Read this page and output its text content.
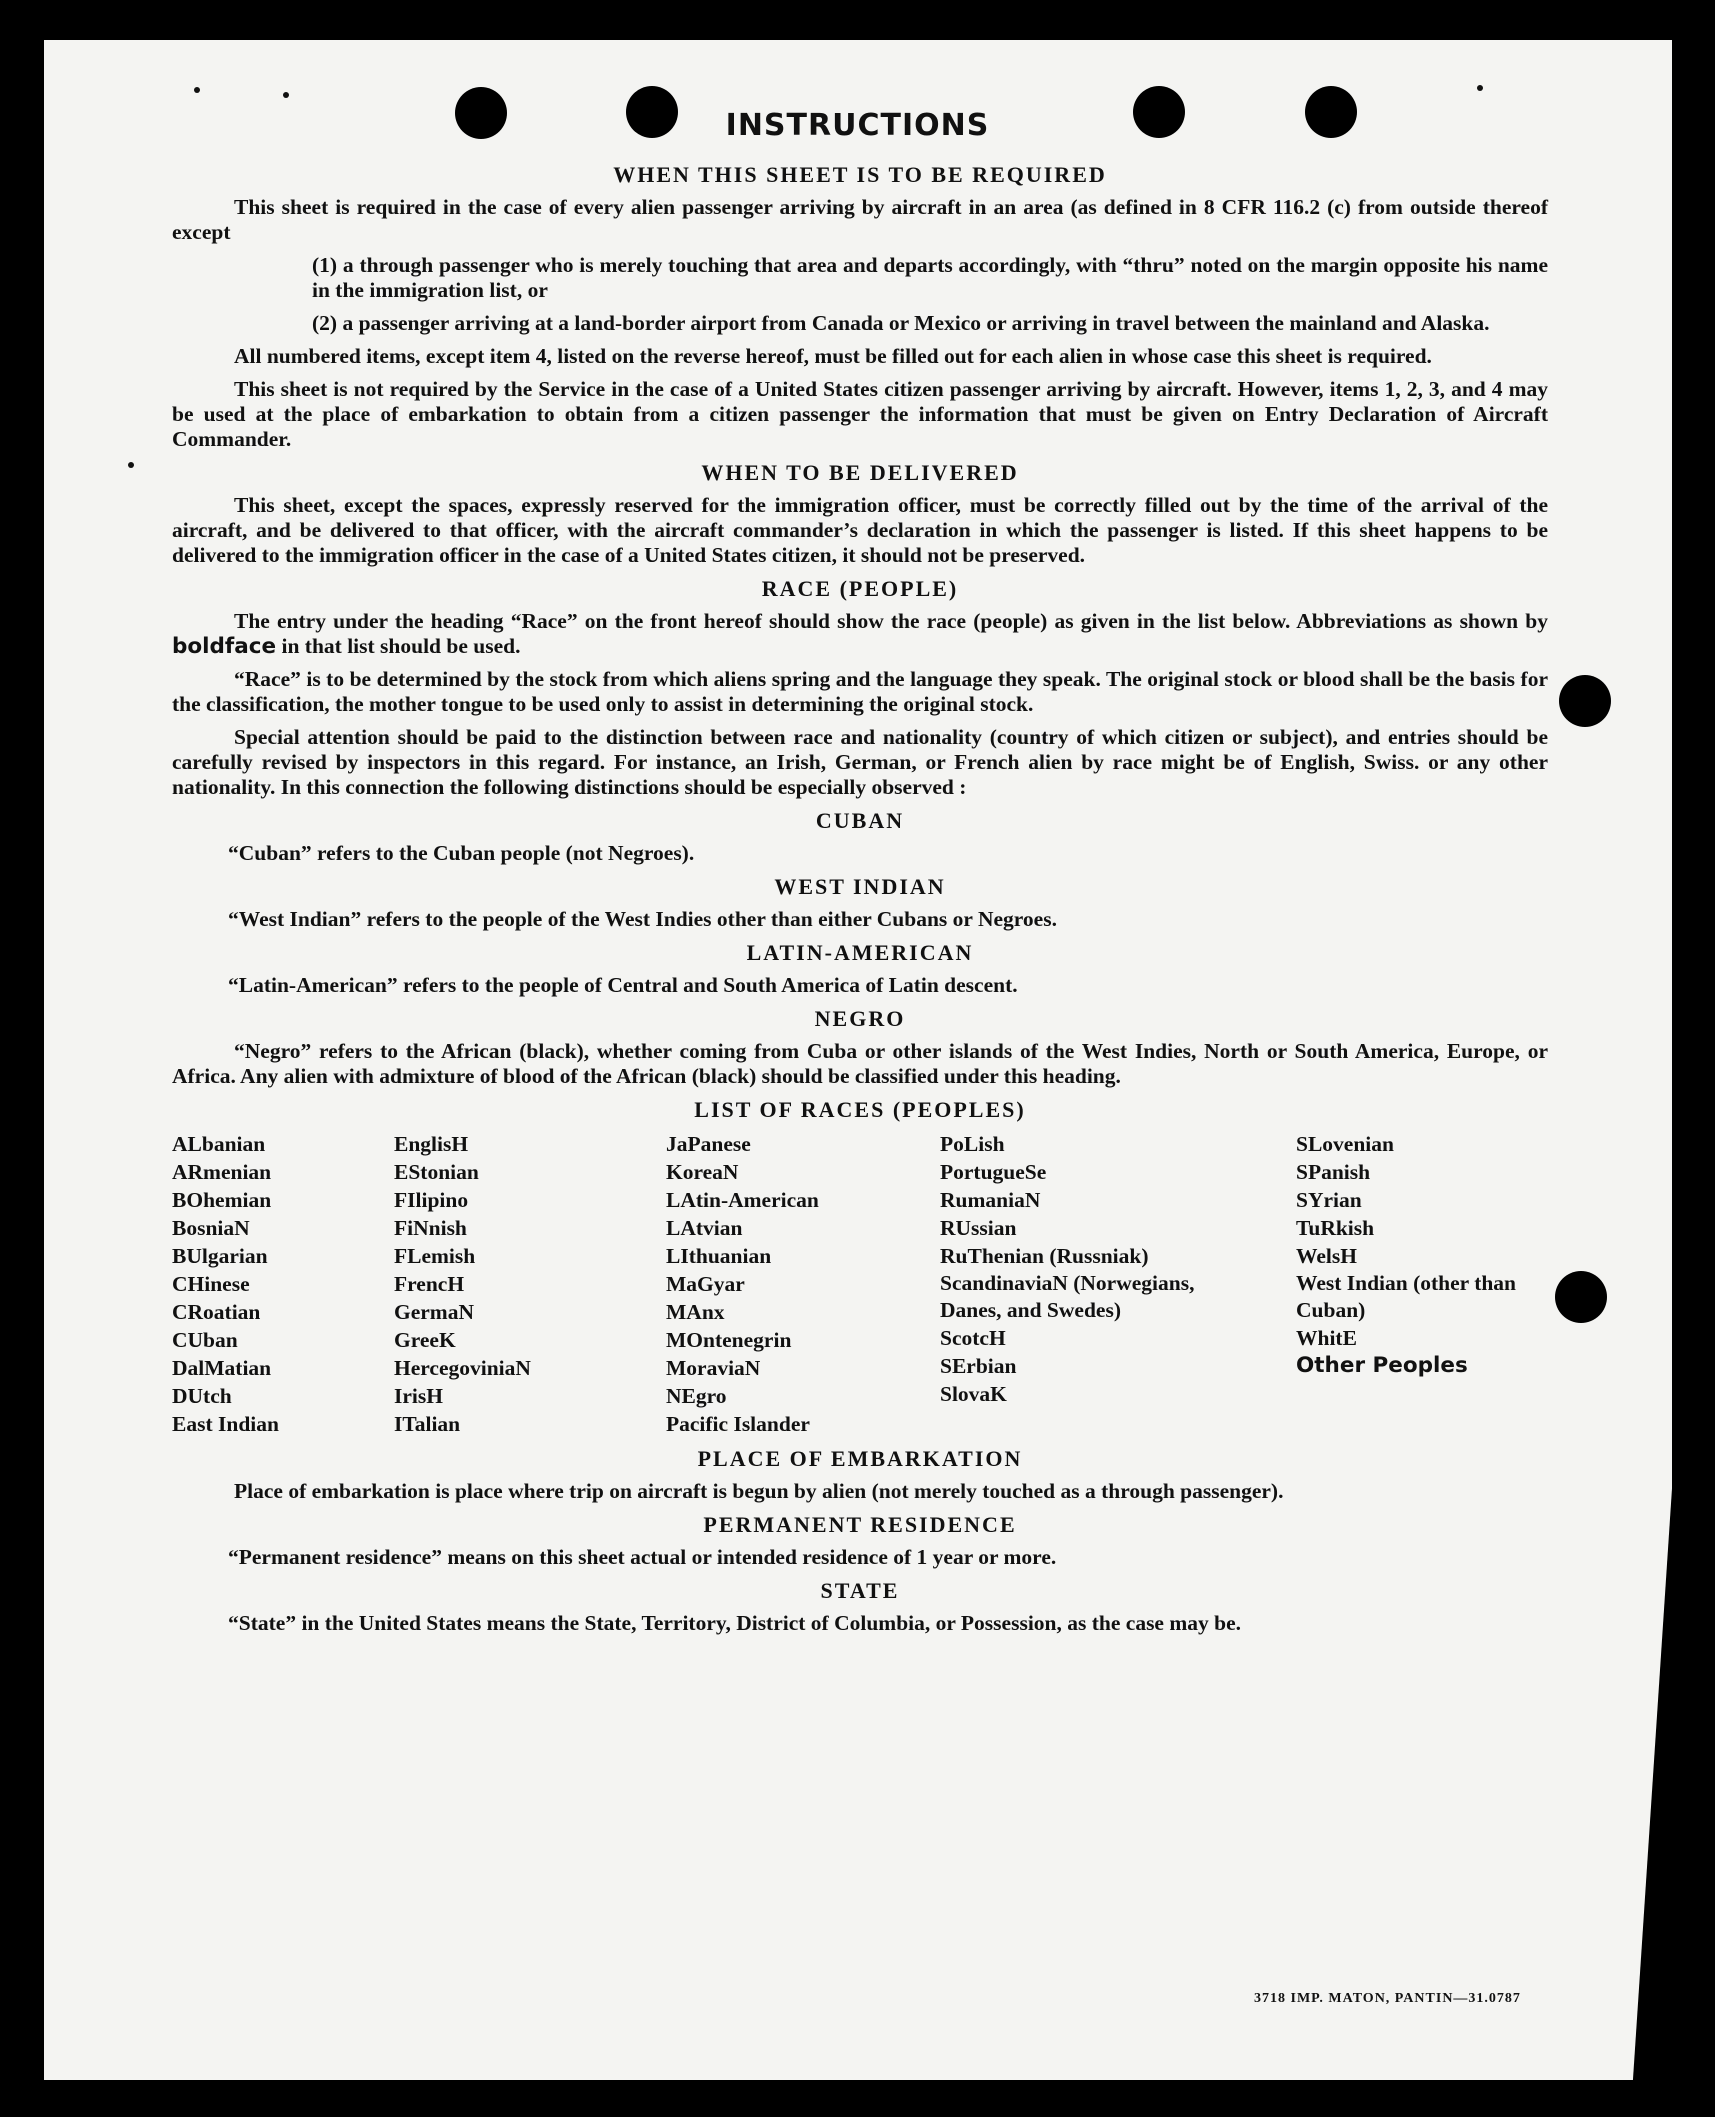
INSTRUCTIONS
WHEN THIS SHEET IS TO BE REQUIRED

This sheet is required in the case of every alien passenger arriving by aircraft in an area (as defined in 8 CFR 116.2 (c) from outside thereof except

(1) a through passenger who is merely touching that area and departs accordingly, with “thru” noted on the margin opposite his name in the immigration list, or

(2) a passenger arriving at a land-border airport from Canada or Mexico or arriving in travel between the mainland and Alaska.

All numbered items, except item 4, listed on the reverse hereof, must be filled out for each alien in whose case this sheet is required.

This sheet is not required by the Service in the case of a United States citizen passenger arriving by aircraft. However, items 1, 2, 3, and 4 may be used at the place of embarkation to obtain from a citizen passenger the information that must be given on Entry Declaration of Aircraft Commander.

WHEN TO BE DELIVERED

This sheet, except the spaces, expressly reserved for the immigration officer, must be correctly filled out by the time of the arrival of the aircraft, and be delivered to that officer, with the aircraft commander’s declaration in which the passenger is listed. If this sheet happens to be delivered to the immigration officer in the case of a United States citizen, it should not be preserved.

RACE (PEOPLE)

The entry under the heading “Race” on the front hereof should show the race (people) as given in the list below. Abbreviations as shown by boldface in that list should be used.

“Race” is to be determined by the stock from which aliens spring and the language they speak. The original stock or blood shall be the basis for the classification, the mother tongue to be used only to assist in determining the original stock.

Special attention should be paid to the distinction between race and nationality (country of which citizen or subject), and entries should be carefully revised by inspectors in this regard. For instance, an Irish, German, or French alien by race might be of English, Swiss. or any other nationality. In this connection the following distinctions should be especially observed :

CUBAN

“Cuban” refers to the Cuban people (not Negroes).

WEST INDIAN

“West Indian” refers to the people of the West Indies other than either Cubans or Negroes.

LATIN-AMERICAN

“Latin-American” refers to the people of Central and South America of Latin descent.

NEGRO

“Negro” refers to the African (black), whether coming from Cuba or other islands of the West Indies, North or South America, Europe, or Africa. Any alien with admixture of blood of the African (black) should be classified under this heading.

LIST OF RACES (PEOPLES)
ALbanian
ARmenian
BOhemian
BosniaN
BUlgarian
CHinese
CRoatian
CUban
DalMatian
DUtch
East Indian
EnglisH
EStonian
FIlipino
FiNnish
FLemish
FrencH
GermaN
GreeK
HercegoviniaN
IrisH
ITalian
JaPanese
KoreaN
LAtin-American
LAtvian
LIthuanian
MaGyar
MAnx
MOntenegrin
MoraviaN
NEgro
Pacific Islander
PoLish
PortugueSe
RumaniaN
RUssian
RuThenian (Russniak)
ScandinaviaN (Norwegians, Danes, and Swedes)
ScotcH
SErbian
SlovaK
SLovenian
SPanish
SYrian
TuRkish
WelsH
West Indian (other than Cuban)
WhitE
Other Peoples
PLACE OF EMBARKATION

Place of embarkation is place where trip on aircraft is begun by alien (not merely touched as a through passenger).

PERMANENT RESIDENCE

“Permanent residence” means on this sheet actual or intended residence of 1 year or more.

STATE

“State” in the United States means the State, Territory, District of Columbia, or Possession, as the case may be.

3718 IMP. MATON, PANTIN—31.0787
